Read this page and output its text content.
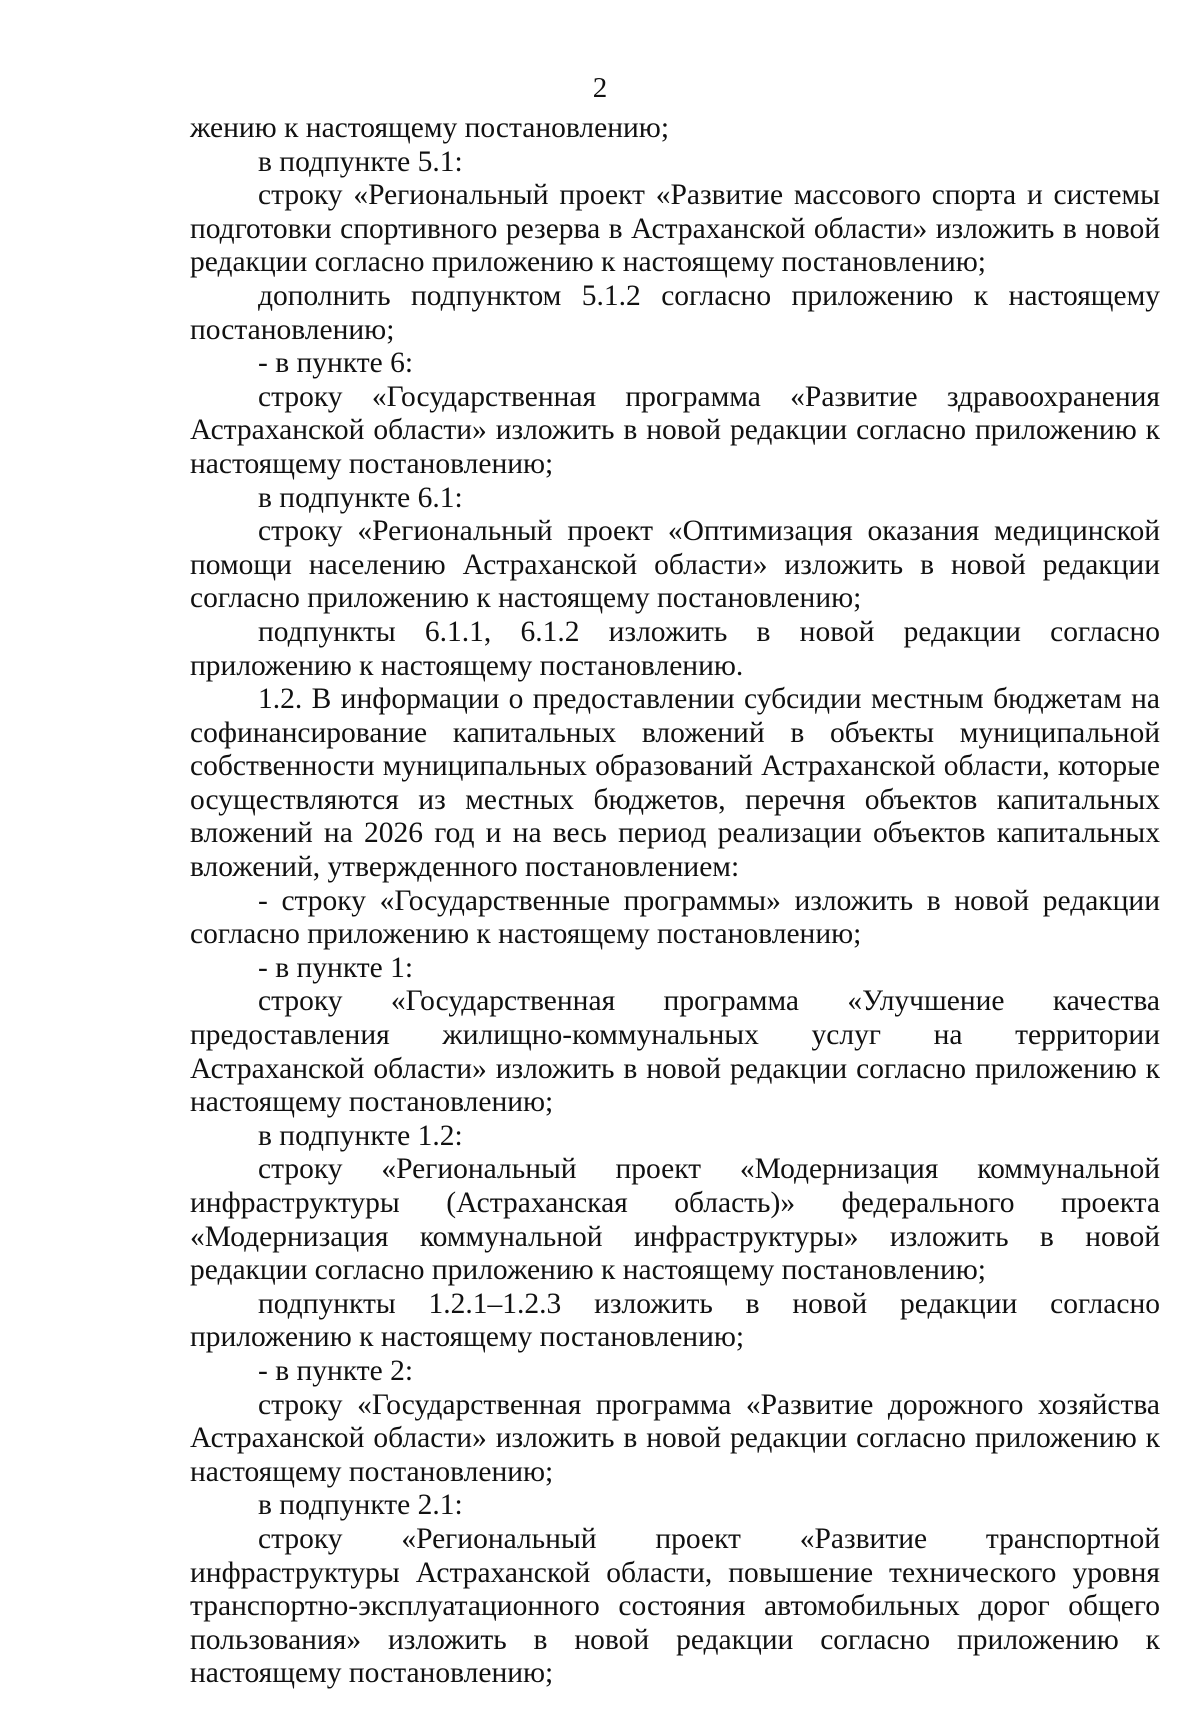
2

жению к настоящему постановлению;

в подпункте 5.1:

строку «Региональный проект «Развитие массового спорта и системы подготовки спортивного резерва в Астраханской области» изложить в новой редакции согласно приложению к настоящему постановлению;

дополнить подпунктом 5.1.2 согласно приложению к настоящему постановлению;

- в пункте 6:

строку «Государственная программа «Развитие здравоохранения Астраханской области» изложить в новой редакции согласно приложению к настоящему постановлению;

в подпункте 6.1:

строку «Региональный проект «Оптимизация оказания медицинской помощи населению Астраханской области» изложить в новой редакции согласно приложению к настоящему постановлению;

подпункты 6.1.1, 6.1.2 изложить в новой редакции согласно приложению к настоящему постановлению.

1.2. В информации о предоставлении субсидии местным бюджетам на софинансирование капитальных вложений в объекты муниципальной собственности муниципальных образований Астраханской области, которые осуществляются из местных бюджетов, перечня объектов капитальных вложений на 2026 год и на весь период реализации объектов капитальных вложений, утвержденного постановлением:

- строку «Государственные программы» изложить в новой редакции согласно приложению к настоящему постановлению;

- в пункте 1:

строку «Государственная программа «Улучшение качества предоставления жилищно-коммунальных услуг на территории Астраханской области» изложить в новой редакции согласно приложению к настоящему постановлению;

в подпункте 1.2:

строку «Региональный проект «Модернизация коммунальной инфраструктуры (Астраханская область)» федерального проекта «Модернизация коммунальной инфраструктуры» изложить в новой редакции согласно приложению к настоящему постановлению;

подпункты 1.2.1–1.2.3 изложить в новой редакции согласно приложению к настоящему постановлению;

- в пункте 2:

строку «Государственная программа «Развитие дорожного хозяйства Астраханской области» изложить в новой редакции согласно приложению к настоящему постановлению;

в подпункте 2.1:

строку «Региональный проект «Развитие транспортной инфраструктуры Астраханской области, повышение технического уровня транспортно-эксплуатационного состояния автомобильных дорог общего пользования» изложить в новой редакции согласно приложению к настоящему постановлению;
